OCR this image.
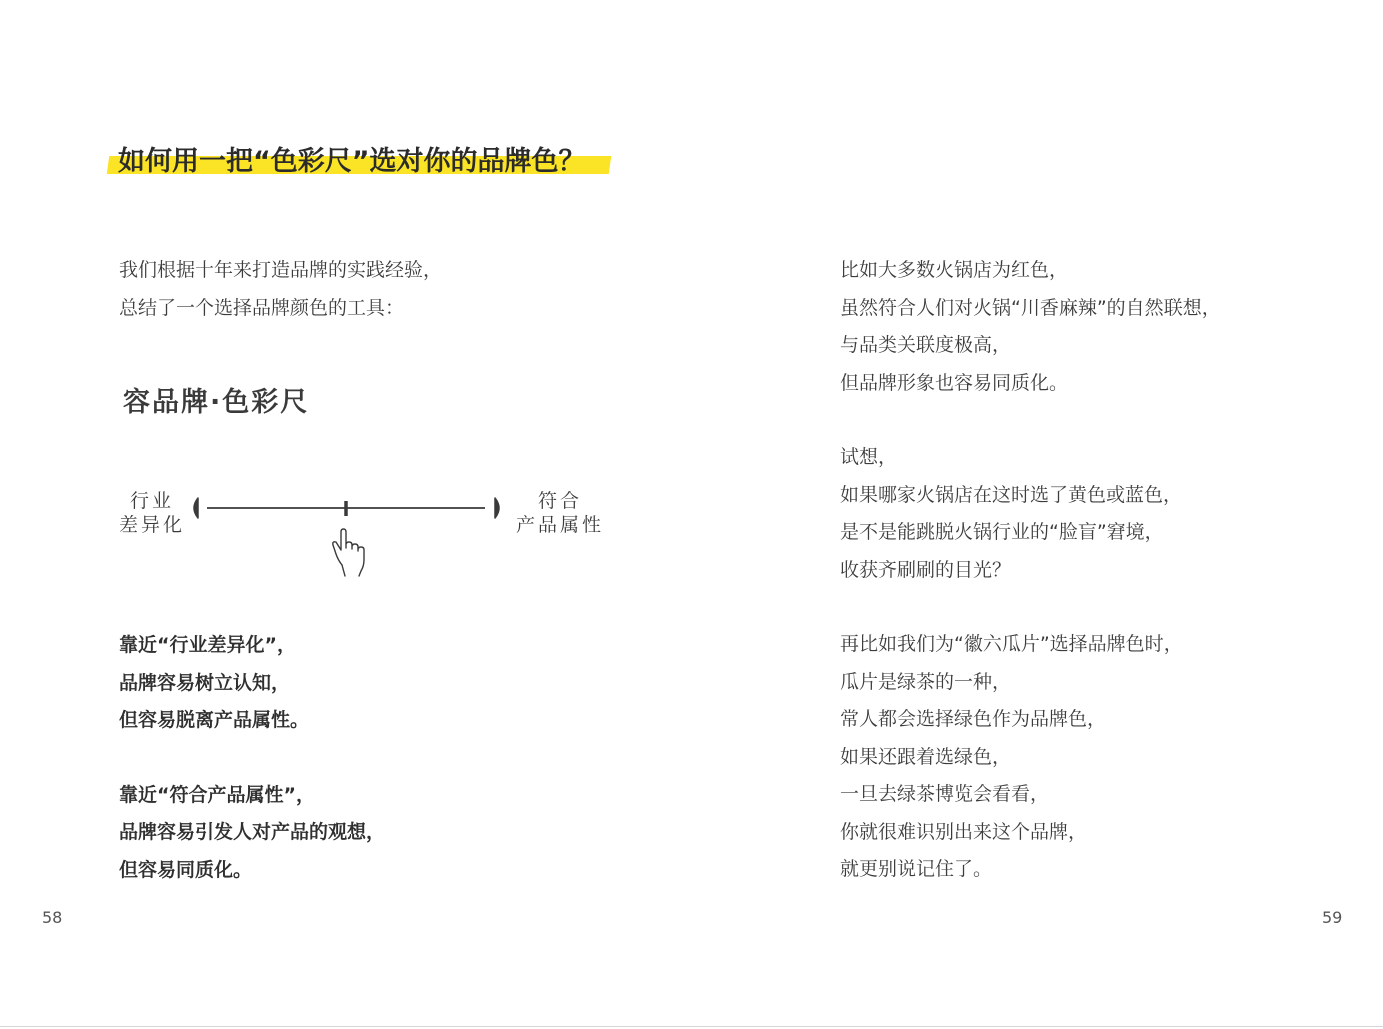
如何用一把“色彩尺”选对你的品牌色？
我们根据十年来打造品牌的实践经验，
总结了一个选择品牌颜色的工具：
容品牌·色彩尺
行业
差异化
符合
产品属性
靠近“行业差异化”，
品牌容易树立认知，
但容易脱离产品属性。
靠近“符合产品属性”，
品牌容易引发人对产品的观想，
但容易同质化。
比如大多数火锅店为红色，
虽然符合人们对火锅“川香麻辣”的自然联想，
与品类关联度极高，
但品牌形象也容易同质化。
试想，
如果哪家火锅店在这时选了黄色或蓝色，
是不是能跳脱火锅行业的“脸盲”窘境，
收获齐刷刷的目光？
再比如我们为“徽六瓜片”选择品牌色时，
瓜片是绿茶的一种，
常人都会选择绿色作为品牌色，
如果还跟着选绿色，
一旦去绿茶博览会看看，
你就很难识别出来这个品牌，
就更别说记住了。
58	59
